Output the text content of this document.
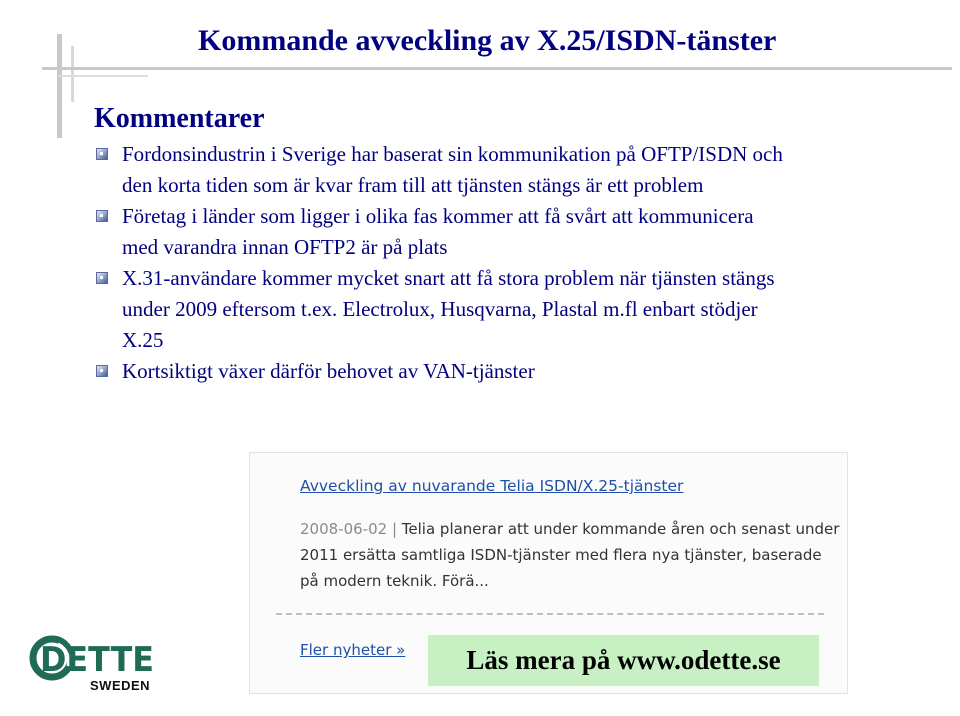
Kommande avveckling av X.25/ISDN-tänster
Kommentarer
Fordonsindustrin i Sverige har baserat sin kommunikation på OFTP/ISDN och den korta tiden som är kvar fram till att tjänsten stängs är ett problem
Företag i länder som ligger i olika fas kommer att få svårt att kommunicera med varandra innan OFTP2 är på plats
X.31-användare kommer mycket snart att få stora problem när tjänsten stängs under 2009 eftersom t.ex. Electrolux, Husqvarna, Plastal m.fl enbart stödjer X.25
Kortsiktigt växer därför behovet av VAN-tjänster
Avveckling av nuvarande Telia ISDN/X.25-tjänster
2008-06-02 | Telia planerar att under kommande åren och senast under 2011 ersätta samtliga ISDN-tjänster med flera nya tjänster, baserade på modern teknik. Förä...
Fler nyheter »	Läs mera på www.odette.se
DETTE
SWEDEN
